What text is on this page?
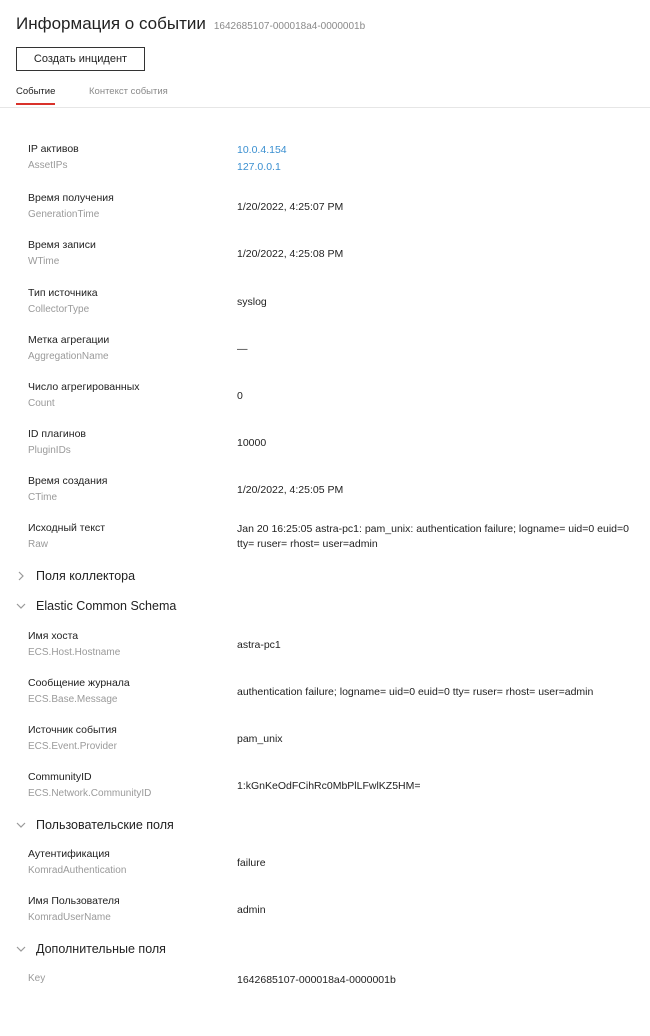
Информация о событии 1642685107-000018a4-0000001b
Создать инцидент
Событие	Контекст события
IP активов
AssetIPs
10.0.4.154
127.0.0.1
Время получения
GenerationTime
1/20/2022, 4:25:07 PM
Время записи
WTime
1/20/2022, 4:25:08 PM
Тип источника
CollectorType
syslog
Метка агрегации
AggregationName
—
Число агрегированных
Count
0
ID плагинов
PluginIDs
10000
Время создания
CTime
1/20/2022, 4:25:05 PM
Исходный текст
Raw
Jan 20 16:25:05 astra-pc1: pam_unix: authentication failure; logname= uid=0 euid=0 tty= ruser= rhost= user=admin
Поля коллектора
Elastic Common Schema
Имя хоста
ECS.Host.Hostname
astra-pc1
Сообщение журнала
ECS.Base.Message
authentication failure; logname= uid=0 euid=0 tty= ruser= rhost= user=admin
Источник события
ECS.Event.Provider
pam_unix
CommunityID
ECS.Network.CommunityID
1:kGnKeOdFCihRc0MbPlLFwlKZ5HM=
Пользовательские поля
Аутентификация
KomradAuthentication
failure
Имя Пользователя
KomradUserName
admin
Дополнительные поля
Key	1642685107-000018a4-0000001b
